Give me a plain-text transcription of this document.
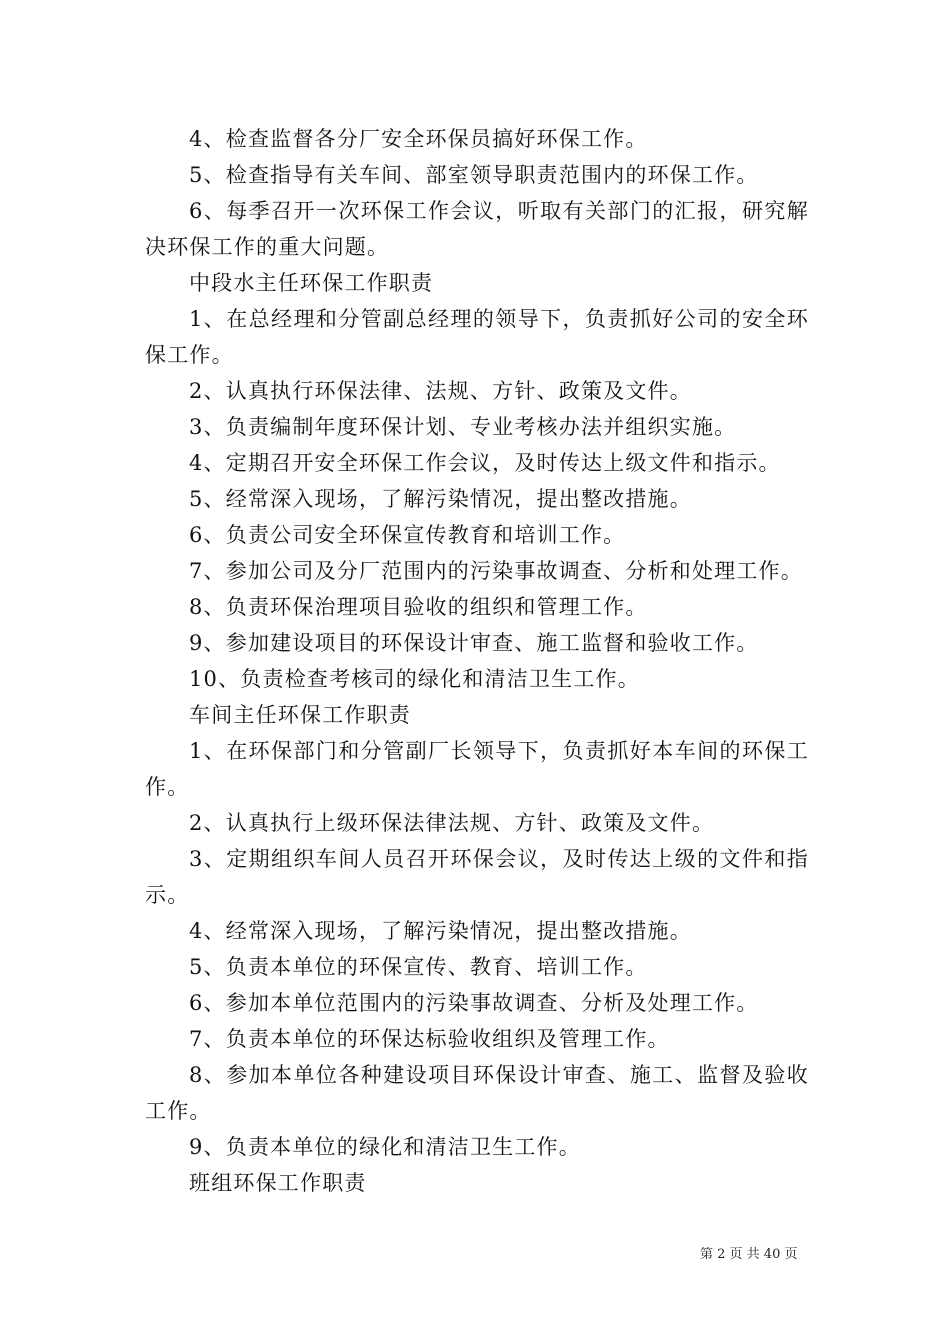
4、检查监督各分厂安全环保员搞好环保工作。

5、检查指导有关车间、部室领导职责范围内的环保工作。

6、每季召开一次环保工作会议，听取有关部门的汇报，研究解决环保工作的重大问题。

中段水主任环保工作职责

1、在总经理和分管副总经理的领导下，负责抓好公司的安全环保工作。

2、认真执行环保法律、法规、方针、政策及文件。

3、负责编制年度环保计划、专业考核办法并组织实施。

4、定期召开安全环保工作会议，及时传达上级文件和指示。

5、经常深入现场，了解污染情况，提出整改措施。

6、负责公司安全环保宣传教育和培训工作。

7、参加公司及分厂范围内的污染事故调查、分析和处理工作。

8、负责环保治理项目验收的组织和管理工作。

9、参加建设项目的环保设计审查、施工监督和验收工作。

10、负责检查考核司的绿化和清洁卫生工作。

车间主任环保工作职责

1、在环保部门和分管副厂长领导下，负责抓好本车间的环保工作。

2、认真执行上级环保法律法规、方针、政策及文件。

3、定期组织车间人员召开环保会议，及时传达上级的文件和指示。

4、经常深入现场，了解污染情况，提出整改措施。

5、负责本单位的环保宣传、教育、培训工作。

6、参加本单位范围内的污染事故调查、分析及处理工作。

7、负责本单位的环保达标验收组织及管理工作。

8、参加本单位各种建设项目环保设计审查、施工、监督及验收工作。

9、负责本单位的绿化和清洁卫生工作。

班组环保工作职责

第 2 页 共 40 页
